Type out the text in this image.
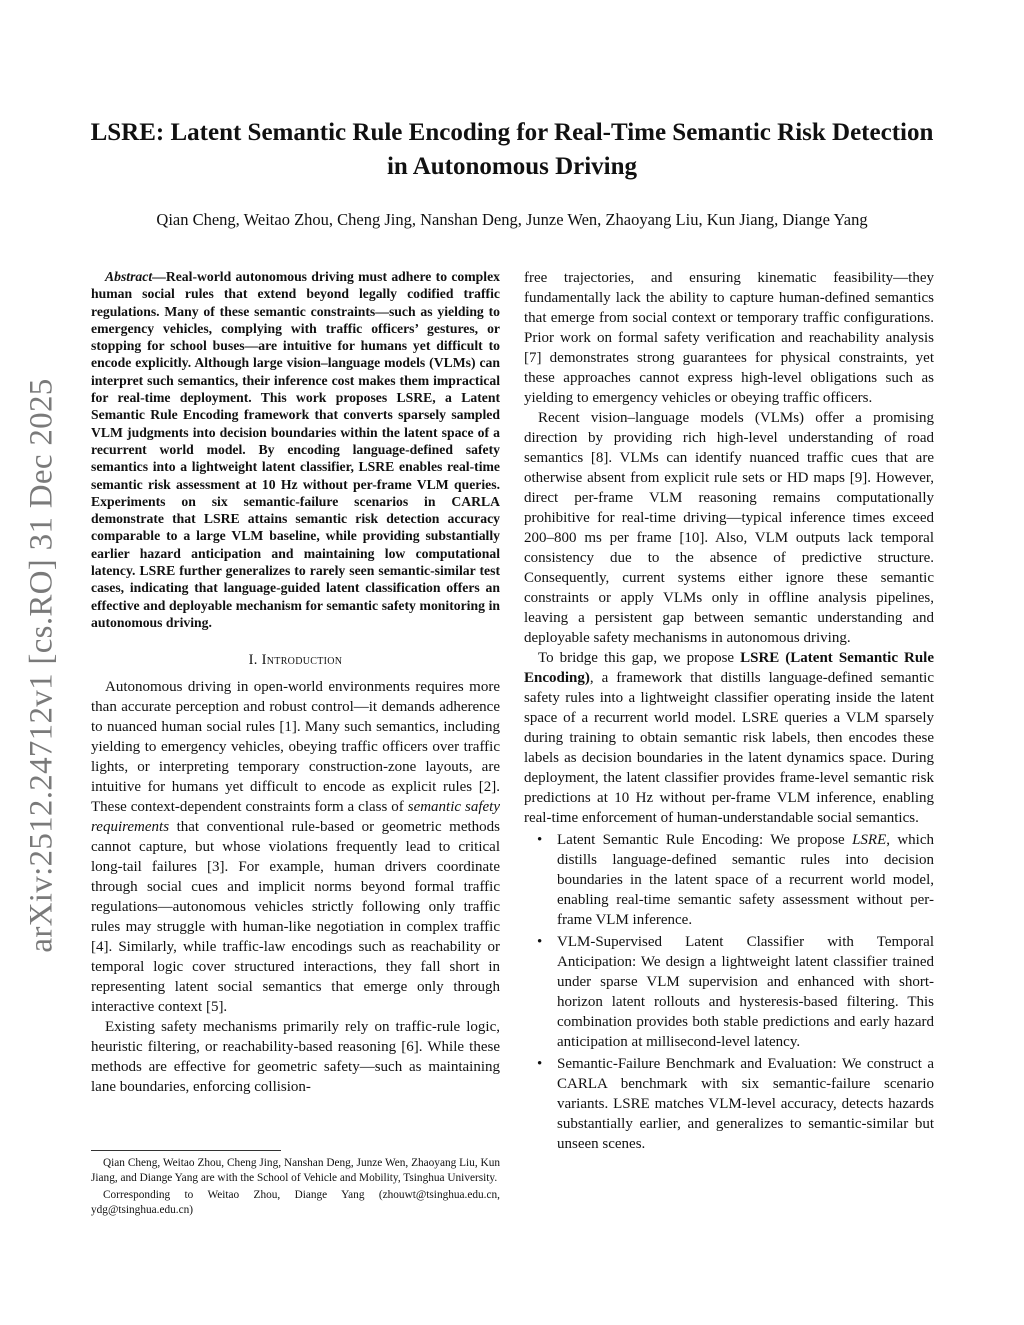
arXiv:2512.24712v1 [cs.RO] 31 Dec 2025
LSRE: Latent Semantic Rule Encoding for Real-Time Semantic Risk Detection in Autonomous Driving
Qian Cheng, Weitao Zhou, Cheng Jing, Nanshan Deng, Junze Wen, Zhaoyang Liu, Kun Jiang, Diange Yang

Abstract—Real-world autonomous driving must adhere to complex human social rules that extend beyond legally codified traffic regulations. Many of these semantic constraints—such as yielding to emergency vehicles, complying with traffic officers’ gestures, or stopping for school buses—are intuitive for humans yet difficult to encode explicitly. Although large vision–language models (VLMs) can interpret such semantics, their inference cost makes them impractical for real-time deployment. This work proposes LSRE, a Latent Semantic Rule Encoding framework that converts sparsely sampled VLM judgments into decision boundaries within the latent space of a recurrent world model. By encoding language-defined safety semantics into a lightweight latent classifier, LSRE enables real-time semantic risk assessment at 10 Hz without per-frame VLM queries. Experiments on six semantic-failure scenarios in CARLA demonstrate that LSRE attains semantic risk detection accuracy comparable to a large VLM baseline, while providing substantially earlier hazard anticipation and maintaining low computational latency. LSRE further generalizes to rarely seen semantic-similar test cases, indicating that language-guided latent classification offers an effective and deployable mechanism for semantic safety monitoring in autonomous driving.

I. Introduction

Autonomous driving in open-world environments requires more than accurate perception and robust control—it demands adherence to nuanced human social rules [1]. Many such semantics, including yielding to emergency vehicles, obeying traffic officers over traffic lights, or interpreting temporary construction-zone layouts, are intuitive for humans yet difficult to encode as explicit rules [2]. These context-dependent constraints form a class of semantic safety requirements that conventional rule-based or geometric methods cannot capture, but whose violations frequently lead to critical long-tail failures [3]. For example, human drivers coordinate through social cues and implicit norms beyond formal traffic regulations—autonomous vehicles strictly following only traffic rules may struggle with human-like negotiation in complex traffic [4]. Similarly, while traffic-law encodings such as reachability or temporal logic cover structured interactions, they fall short in representing latent social semantics that emerge only through interactive context [5].

Existing safety mechanisms primarily rely on traffic-rule logic, heuristic filtering, or reachability-based reasoning [6]. While these methods are effective for geometric safety—such as maintaining lane boundaries, enforcing collision-

Qian Cheng, Weitao Zhou, Cheng Jing, Nanshan Deng, Junze Wen, Zhaoyang Liu, Kun Jiang, and Diange Yang are with the School of Vehicle and Mobility, Tsinghua University.

Corresponding to Weitao Zhou, Diange Yang (zhouwt@tsinghua.edu.cn, ydg@tsinghua.edu.cn)

free trajectories, and ensuring kinematic feasibility—they fundamentally lack the ability to capture human-defined semantics that emerge from social context or temporary traffic configurations. Prior work on formal safety verification and reachability analysis [7] demonstrates strong guarantees for physical constraints, yet these approaches cannot express high-level obligations such as yielding to emergency vehicles or obeying traffic officers.

Recent vision–language models (VLMs) offer a promising direction by providing rich high-level understanding of road semantics [8]. VLMs can identify nuanced traffic cues that are otherwise absent from explicit rule sets or HD maps [9]. However, direct per-frame VLM reasoning remains computationally prohibitive for real-time driving—typical inference times exceed 200–800 ms per frame [10]. Also, VLM outputs lack temporal consistency due to the absence of predictive structure. Consequently, current systems either ignore these semantic constraints or apply VLMs only in offline analysis pipelines, leaving a persistent gap between semantic understanding and deployable safety mechanisms in autonomous driving.

To bridge this gap, we propose LSRE (Latent Semantic Rule Encoding), a framework that distills language-defined semantic safety rules into a lightweight classifier operating inside the latent space of a recurrent world model. LSRE queries a VLM sparsely during training to obtain semantic risk labels, then encodes these labels as decision boundaries in the latent dynamics space. During deployment, the latent classifier provides frame-level semantic risk predictions at 10 Hz without per-frame VLM inference, enabling real-time enforcement of human-understandable social semantics.

• Latent Semantic Rule Encoding: We propose LSRE, which distills language-defined semantic rules into decision boundaries in the latent space of a recurrent world model, enabling real-time semantic safety assessment without per-frame VLM inference.
• VLM-Supervised Latent Classifier with Temporal Anticipation: We design a lightweight latent classifier trained under sparse VLM supervision and enhanced with short-horizon latent rollouts and hysteresis-based filtering. This combination provides both stable predictions and early hazard anticipation at millisecond-level latency.
• Semantic-Failure Benchmark and Evaluation: We construct a CARLA benchmark with six semantic-failure scenario variants. LSRE matches VLM-level accuracy, detects hazards substantially earlier, and generalizes to semantic-similar but unseen scenes.
